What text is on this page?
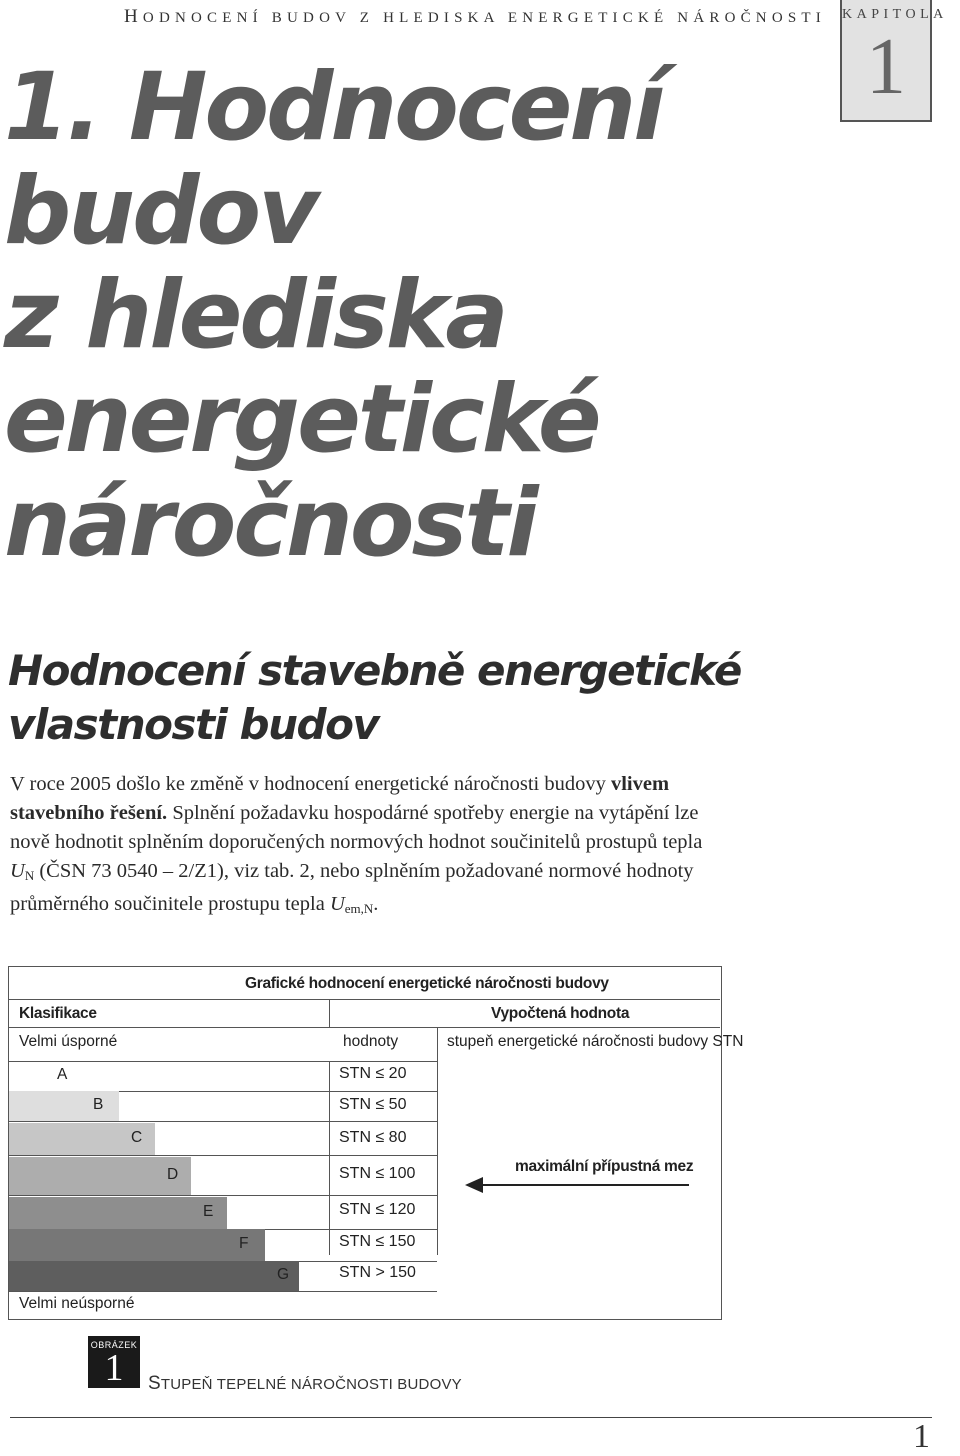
HODNOCENÍ BUDOV Z HLEDISKA ENERGETICKÉ NÁROČNOSTI KAPITOLA
1
1. Hodnocení
budov
z hlediska
energetické
náročnosti
Hodnocení stavebně energetické
vlastnosti budov

V roce 2005 došlo ke změně v hodnocení energetické náročnosti budovy vlivem stavebního řešení. Splnění požadavku hospodárné spotřeby energie na vytápění lze nově hodnotit splněním doporučených normových hodnot součinitelů prostupů tepla $U_N$ (ČSN 73 0540 – 2/Z1), viz tab. 2, nebo splněním požadované normové hodnoty průměrného součinitele prostupu tepla $U_{em,N}$.

Grafické hodnocení energetické náročnosti budovy
Klasifikace	Vypočtená hodnota
Velmi úsporné	hodnoty	stupeň energetické náročnosti budovy STN
A	STN ≤ 20
B	STN ≤ 50
C	STN ≤ 80
D	STN ≤ 100
E	STN ≤ 120
F	STN ≤ 150
G	STN > 150
maximální přípustná mez
Velmi neúsporné
OBRÁZEK
1	STUPEŇ TEPELNÉ NÁROČNOSTI BUDOVY
1
